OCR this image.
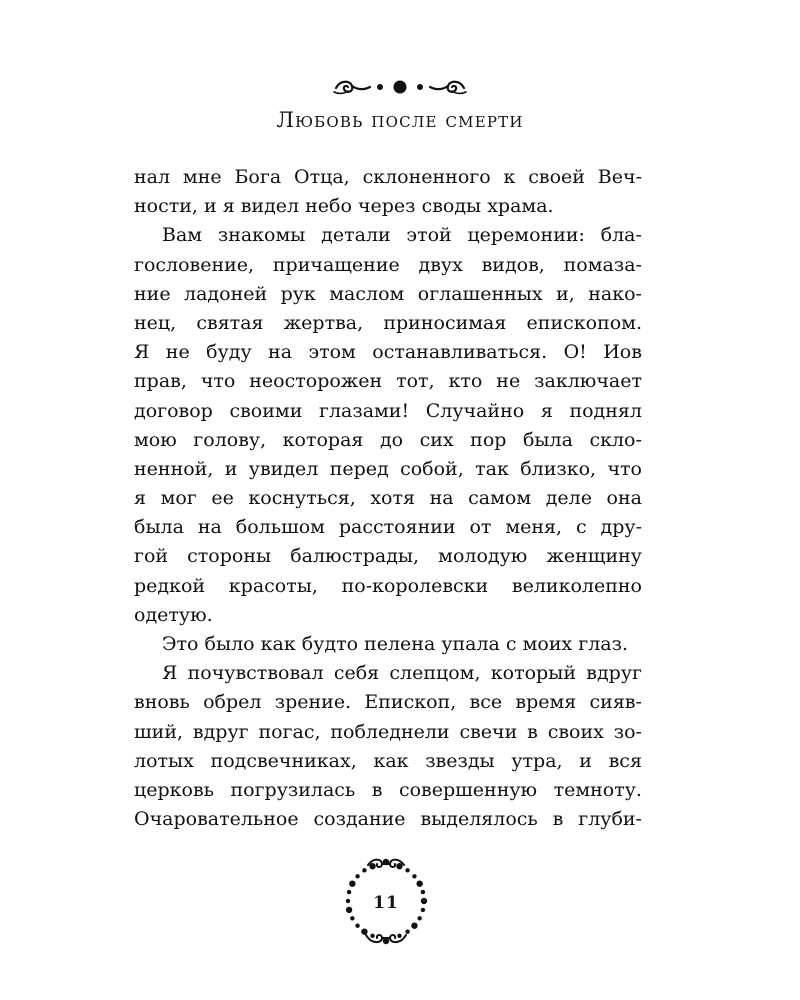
Любовь после смерти
нал мне Бога Отца, склоненного к своей Веч-
ности, и я видел небо через своды храма.
Вам знакомы детали этой церемонии: бла-
гословение, причащение двух видов, помаза-
ние ладоней рук маслом оглашенных и, нако-
нец, святая жертва, приносимая епископом.
Я не буду на этом останавливаться. О! Иов
прав, что неосторожен тот, кто не заключает
договор своими глазами! Случайно я поднял
мою голову, которая до сих пор была скло-
ненной, и увидел перед собой, так близко, что
я мог ее коснуться, хотя на самом деле она
была на большом расстоянии от меня, с дру-
гой стороны балюстрады, молодую женщину
редкой красоты, по-королевски великолепно
одетую.
Это было как будто пелена упала с моих глаз.
Я почувствовал себя слепцом, который вдруг
вновь обрел зрение. Епископ, все время сияв-
ший, вдруг погас, побледнели свечи в своих зо-
лотых подсвечниках, как звезды утра, и вся
церковь погрузилась в совершенную темноту.
Очаровательное создание выделялось в глуби-
11
